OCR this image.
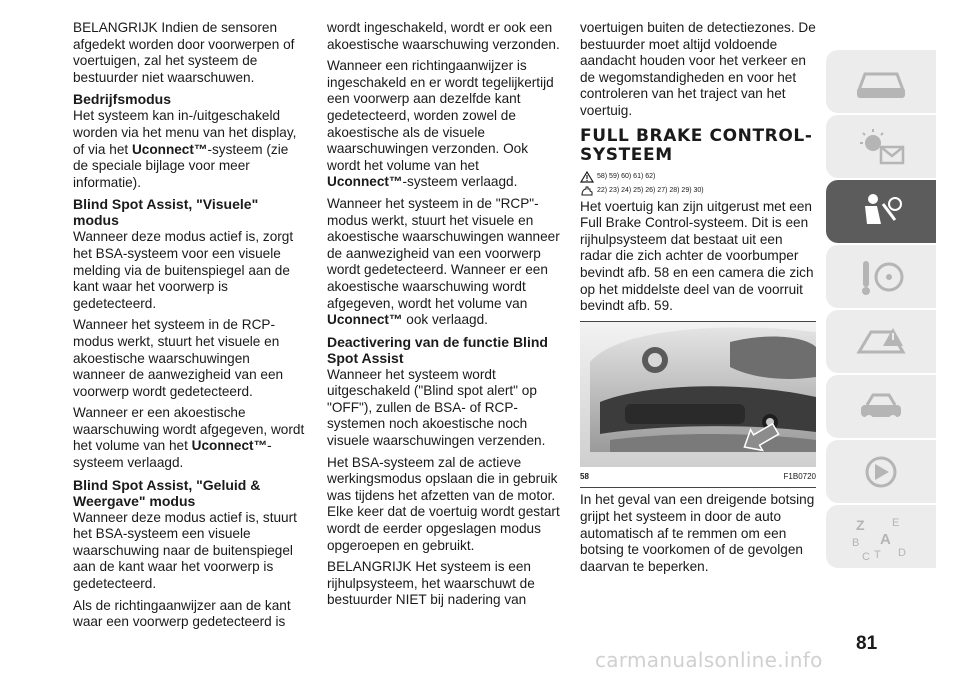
BELANGRIJK Indien de sensoren afgedekt worden door voorwerpen of voertuigen, zal het systeem de bestuurder niet waarschuwen.

Bedrijfsmodus

Het systeem kan in-/uitgeschakeld worden via het menu van het display, of via het Uconnect™-systeem (zie de speciale bijlage voor meer informatie).

Blind Spot Assist, "Visuele" modus

Wanneer deze modus actief is, zorgt het BSA-systeem voor een visuele melding via de buitenspiegel aan de kant waar het voorwerp is gedetecteerd.

Wanneer het systeem in de RCP-modus werkt, stuurt het visuele en akoestische waarschuwingen wanneer de aanwezigheid van een voorwerp wordt gedetecteerd.

Wanneer er een akoestische waarschuwing wordt afgegeven, wordt het volume van het Uconnect™-systeem verlaagd.

Blind Spot Assist, "Geluid & Weergave" modus

Wanneer deze modus actief is, stuurt het BSA-systeem een visuele waarschuwing naar de buitenspiegel aan de kant waar het voorwerp is gedetecteerd.

Als de richtingaanwijzer aan de kant waar een voorwerp gedetecteerd is

wordt ingeschakeld, wordt er ook een akoestische waarschuwing verzonden.

Wanneer een richtingaanwijzer is ingeschakeld en er wordt tegelijkertijd een voorwerp aan dezelfde kant gedetecteerd, worden zowel de akoestische als de visuele waarschuwingen verzonden. Ook wordt het volume van het Uconnect™-systeem verlaagd.

Wanneer het systeem in de "RCP"-modus werkt, stuurt het visuele en akoestische waarschuwingen wanneer de aanwezigheid van een voorwerp wordt gedetecteerd. Wanneer er een akoestische waarschuwing wordt afgegeven, wordt het volume van Uconnect™ ook verlaagd.

Deactivering van de functie Blind Spot Assist

Wanneer het systeem wordt uitgeschakeld ("Blind spot alert" op "OFF"), zullen de BSA- of RCP-systemen noch akoestische noch visuele waarschuwingen verzenden.

Het BSA-systeem zal de actieve werkingsmodus opslaan die in gebruik was tijdens het afzetten van de motor. Elke keer dat de voertuig wordt gestart wordt de eerder opgeslagen modus opgeroepen en gebruikt.

BELANGRIJK Het systeem is een rijhulpsysteem, het waarschuwt de bestuurder NIET bij nadering van

voertuigen buiten de detectiezones. De bestuurder moet altijd voldoende aandacht houden voor het verkeer en de wegomstandigheden en voor het controleren van het traject van het voertuig.

FULL BRAKE CONTROL-SYSTEEM
58) 59) 60) 61) 62)
22) 23) 24) 25) 26) 27) 28) 29) 30)

Het voertuig kan zijn uitgerust met een Full Brake Control-systeem. Dit is een rijhulpsysteem dat bestaat uit een radar die zich achter de voorbumper bevindt afb. 58 en een camera die zich op het middelste deel van de voorruit bevindt afb. 59.

58	F1B0720

In het geval van een dreigende botsing grijpt het systeem in door de auto automatisch af te remmen om een botsing te voorkomen of de gevolgen daarvan te beperken.

Z E
B A
C T D
81
carmanualsonline.info
